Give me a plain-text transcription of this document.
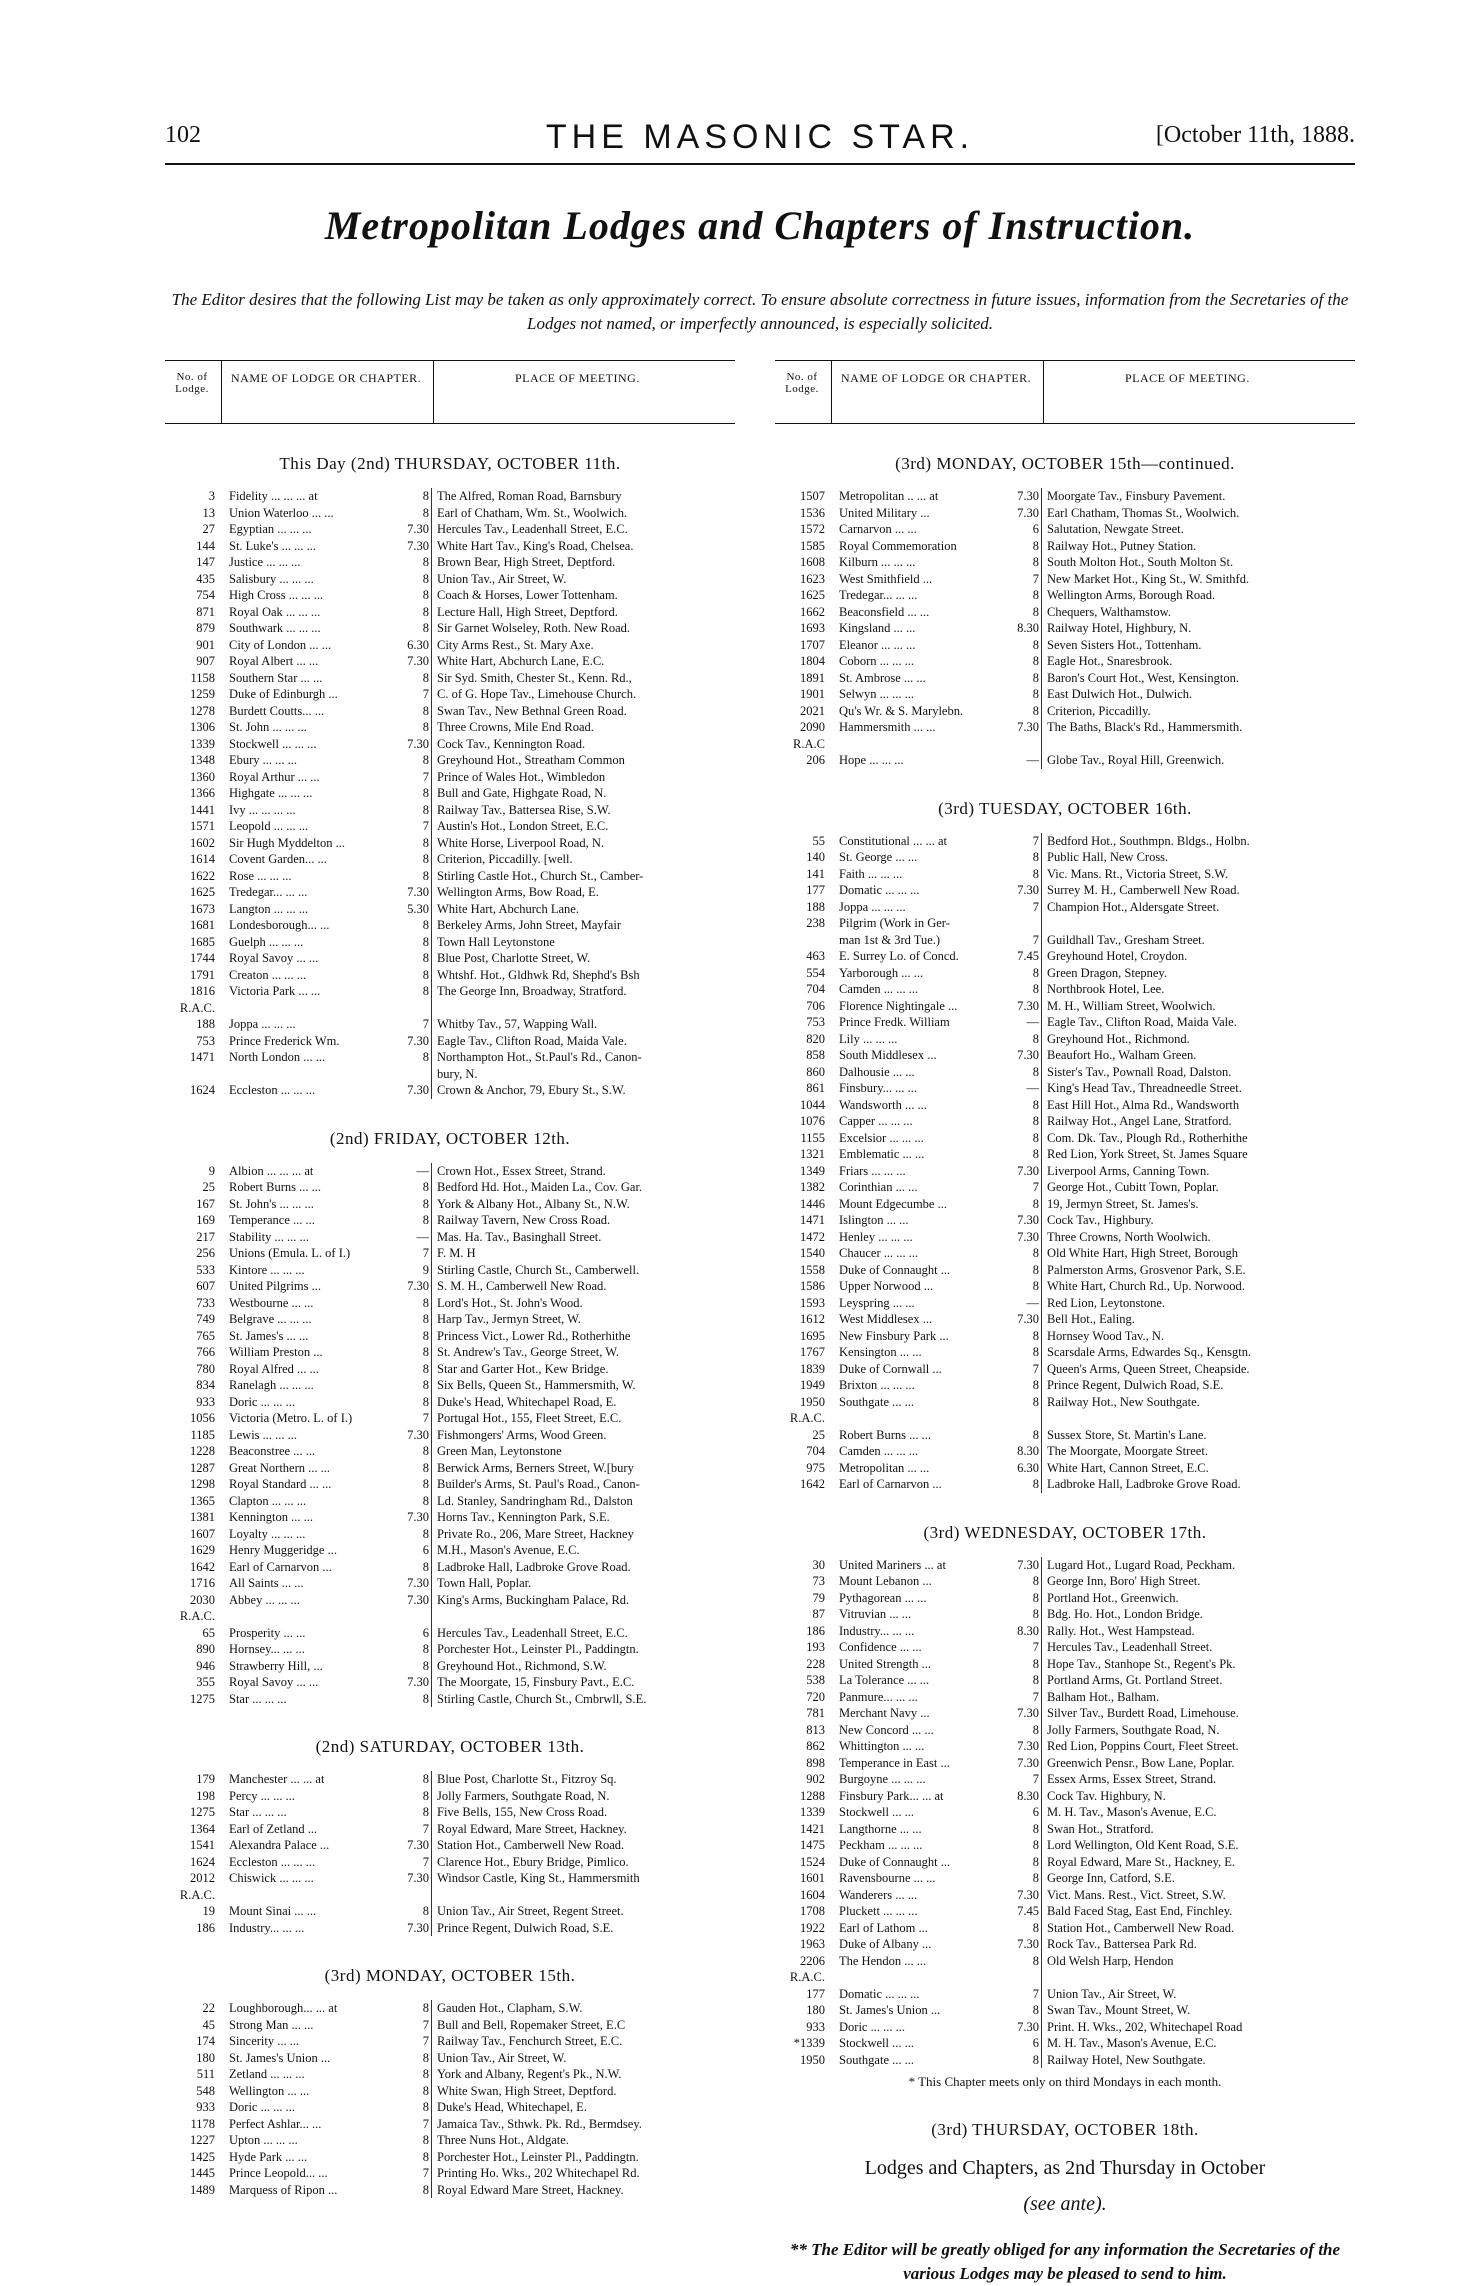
102	THE MASONIC STAR.	[October 11th, 1888.
Metropolitan Lodges and Chapters of Instruction.
The Editor desires that the following List may be taken as only approximately correct. To ensure absolute correctness in future issues, information from the Secretaries of the Lodges not named, or imperfectly announced, is especially solicited.
No. of Lodge.
NAME OF LODGE OR CHAPTER.	PLACE OF MEETING.
This Day (2nd) THURSDAY, OCTOBER 11th.
3 Fidelity ... ... ... at	8 The Alfred, Roman Road, Barnsbury
13 Union Waterloo ... ...	8 Earl of Chatham, Wm. St., Woolwich.
27 Egyptian ... ... ...	7.30 Hercules Tav., Leadenhall Street, E.C.
144 St. Luke's ... ... ...	7.30 White Hart Tav., King's Road, Chelsea.
147 Justice ... ... ...	8 Brown Bear, High Street, Deptford.
435 Salisbury ... ... ...	8 Union Tav., Air Street, W.
754 High Cross ... ... ...	8 Coach & Horses, Lower Tottenham.
871 Royal Oak ... ... ...	8 Lecture Hall, High Street, Deptford.
879 Southwark ... ... ...	8 Sir Garnet Wolseley, Roth. New Road.
901 City of London ... ...	6.30 City Arms Rest., St. Mary Axe.
907 Royal Albert ... ...	7.30 White Hart, Abchurch Lane, E.C.
1158 Southern Star ... ...	8 Sir Syd. Smith, Chester St., Kenn. Rd.,
1259 Duke of Edinburgh ...	7 C. of G. Hope Tav., Limehouse Church.
1278 Burdett Coutts... ...	8 Swan Tav., New Bethnal Green Road.
1306 St. John ... ... ...	8 Three Crowns, Mile End Road.
1339 Stockwell ... ... ...	7.30 Cock Tav., Kennington Road.
1348 Ebury ... ... ...	8 Greyhound Hot., Streatham Common
1360 Royal Arthur ... ...	7 Prince of Wales Hot., Wimbledon
1366 Highgate ... ... ...	8 Bull and Gate, Highgate Road, N.
1441 Ivy ... ... ... ...	8 Railway Tav., Battersea Rise, S.W.
1571 Leopold ... ... ...	7 Austin's Hot., London Street, E.C.
1602 Sir Hugh Myddelton ...	8 White Horse, Liverpool Road, N.
1614 Covent Garden... ...	8 Criterion, Piccadilly. [well.
1622 Rose ... ... ...	8 Stirling Castle Hot., Church St., Camber-
1625 Tredegar... ... ...	7.30 Wellington Arms, Bow Road, E.
1673 Langton ... ... ...	5.30 White Hart, Abchurch Lane.
1681 Londesborough... ...	8 Berkeley Arms, John Street, Mayfair
1685 Guelph ... ... ...	8 Town Hall Leytonstone
1744 Royal Savoy ... ...	8 Blue Post, Charlotte Street, W.
1791 Creaton ... ... ...	8 Whtshf. Hot., Gldhwk Rd, Shephd's Bsh
1816 Victoria Park ... ...	8 The George Inn, Broadway, Stratford.
R.A.C.
188 Joppa ... ... ...	7 Whitby Tav., 57, Wapping Wall.
753 Prince Frederick Wm.	7.30 Eagle Tav., Clifton Road, Maida Vale.
1471 North London ... ...	8 Northampton Hot., St.Paul's Rd., Canon-
bury, N.
1624 Eccleston ... ... ...	7.30 Crown & Anchor, 79, Ebury St., S.W.
(2nd) FRIDAY, OCTOBER 12th.
9 Albion ... ... ... at	— Crown Hot., Essex Street, Strand.
25 Robert Burns ... ...	8 Bedford Hd. Hot., Maiden La., Cov. Gar.
167 St. John's ... ... ...	8 York & Albany Hot., Albany St., N.W.
169 Temperance ... ...	8 Railway Tavern, New Cross Road.
217 Stability ... ... ...	— Mas. Ha. Tav., Basinghall Street.
256 Unions (Emula. L. of I.)	7 F. M. H
533 Kintore ... ... ...	9 Stirling Castle, Church St., Camberwell.
607 United Pilgrims ...	7.30 S. M. H., Camberwell New Road.
733 Westbourne ... ...	8 Lord's Hot., St. John's Wood.
749 Belgrave ... ... ...	8 Harp Tav., Jermyn Street, W.
765 St. James's ... ...	8 Princess Vict., Lower Rd., Rotherhithe
766 William Preston ...	8 St. Andrew's Tav., George Street, W.
780 Royal Alfred ... ...	8 Star and Garter Hot., Kew Bridge.
834 Ranelagh ... ... ...	8 Six Bells, Queen St., Hammersmith, W.
933 Doric ... ... ...	8 Duke's Head, Whitechapel Road, E.
1056 Victoria (Metro. L. of I.)	7 Portugal Hot., 155, Fleet Street, E.C.
1185 Lewis ... ... ...	7.30 Fishmongers' Arms, Wood Green.
1228 Beaconstree ... ...	8 Green Man, Leytonstone
1287 Great Northern ... ...	8 Berwick Arms, Berners Street, W.[bury
1298 Royal Standard ... ...	8 Builder's Arms, St. Paul's Road., Canon-
1365 Clapton ... ... ...	8 Ld. Stanley, Sandringham Rd., Dalston
1381 Kennington ... ...	7.30 Horns Tav., Kennington Park, S.E.
1607 Loyalty ... ... ...	8 Private Ro., 206, Mare Street, Hackney
1629 Henry Muggeridge ...	6 M.H., Mason's Avenue, E.C.
1642 Earl of Carnarvon ...	8 Ladbroke Hall, Ladbroke Grove Road.
1716 All Saints ... ...	7.30 Town Hall, Poplar.
2030 Abbey ... ... ...	7.30 King's Arms, Buckingham Palace, Rd.
R.A.C.
65 Prosperity ... ...	6 Hercules Tav., Leadenhall Street, E.C.
890 Hornsey... ... ...	8 Porchester Hot., Leinster Pl., Paddingtn.
946 Strawberry Hill, ...	8 Greyhound Hot., Richmond, S.W.
355 Royal Savoy ... ...	7.30 The Moorgate, 15, Finsbury Pavt., E.C.
1275 Star ... ... ...	8 Stirling Castle, Church St., Cmbrwll, S.E.
(2nd) SATURDAY, OCTOBER 13th.
179 Manchester ... ... at	8 Blue Post, Charlotte St., Fitzroy Sq.
198 Percy ... ... ...	8 Jolly Farmers, Southgate Road, N.
1275 Star ... ... ...	8 Five Bells, 155, New Cross Road.
1364 Earl of Zetland ...	7 Royal Edward, Mare Street, Hackney.
1541 Alexandra Palace ...	7.30 Station Hot., Camberwell New Road.
1624 Eccleston ... ... ...	7 Clarence Hot., Ebury Bridge, Pimlico.
2012 Chiswick ... ... ...	7.30 Windsor Castle, King St., Hammersmith
R.A.C.
19 Mount Sinai ... ...	8 Union Tav., Air Street, Regent Street.
186 Industry... ... ...	7.30 Prince Regent, Dulwich Road, S.E.
(3rd) MONDAY, OCTOBER 15th.
22 Loughborough... ... at	8 Gauden Hot., Clapham, S.W.
45 Strong Man ... ...	7 Bull and Bell, Ropemaker Street, E.C
174 Sincerity ... ...	7 Railway Tav., Fenchurch Street, E.C.
180 St. James's Union ...	8 Union Tav., Air Street, W.
511 Zetland ... ... ...	8 York and Albany, Regent's Pk., N.W.
548 Wellington ... ...	8 White Swan, High Street, Deptford.
933 Doric ... ... ...	8 Duke's Head, Whitechapel, E.
1178 Perfect Ashlar... ...	7 Jamaica Tav., Sthwk. Pk. Rd., Bermdsey.
1227 Upton ... ... ...	8 Three Nuns Hot., Aldgate.
1425 Hyde Park ... ...	8 Porchester Hot., Leinster Pl., Paddingtn.
1445 Prince Leopold... ...	7 Printing Ho. Wks., 202 Whitechapel Rd.
1489 Marquess of Ripon ...	8 Royal Edward Mare Street, Hackney.
No. of Lodge.
NAME OF LODGE OR CHAPTER.	PLACE OF MEETING.
(3rd) MONDAY, OCTOBER 15th—continued.
1507 Metropolitan .. ... at	7.30 Moorgate Tav., Finsbury Pavement.
1536 United Military ...	7.30 Earl Chatham, Thomas St., Woolwich.
1572 Carnarvon ... ...	6 Salutation, Newgate Street.
1585 Royal Commemoration	8 Railway Hot., Putney Station.
1608 Kilburn ... ... ...	8 South Molton Hot., South Molton St.
1623 West Smithfield ...	7 New Market Hot., King St., W. Smithfd.
1625 Tredegar... ... ...	8 Wellington Arms, Borough Road.
1662 Beaconsfield ... ...	8 Chequers, Walthamstow.
1693 Kingsland ... ...	8.30 Railway Hotel, Highbury, N.
1707 Eleanor ... ... ...	8 Seven Sisters Hot., Tottenham.
1804 Coborn ... ... ...	8 Eagle Hot., Snaresbrook.
1891 St. Ambrose ... ...	8 Baron's Court Hot., West, Kensington.
1901 Selwyn ... ... ...	8 East Dulwich Hot., Dulwich.
2021 Qu's Wr. & S. Marylebn.	8 Criterion, Piccadilly.
2090 Hammersmith ... ...	7.30 The Baths, Black's Rd., Hammersmith.
R.A.C
206 Hope ... ... ...	— Globe Tav., Royal Hill, Greenwich.
(3rd) TUESDAY, OCTOBER 16th.
55 Constitutional ... ... at	7 Bedford Hot., Southmpn. Bldgs., Holbn.
140 St. George ... ...	8 Public Hall, New Cross.
141 Faith ... ... ...	8 Vic. Mans. Rt., Victoria Street, S.W.
177 Domatic ... ... ...	7.30 Surrey M. H., Camberwell New Road.
188 Joppa ... ... ...	7 Champion Hot., Aldersgate Street.
238 Pilgrim (Work in Ger-
man 1st & 3rd Tue.)	7 Guildhall Tav., Gresham Street.
463 E. Surrey Lo. of Concd.	7.45 Greyhound Hotel, Croydon.
554 Yarborough ... ...	8 Green Dragon, Stepney.
704 Camden ... ... ...	8 Northbrook Hotel, Lee.
706 Florence Nightingale ...	7.30 M. H., William Street, Woolwich.
753 Prince Fredk. William	— Eagle Tav., Clifton Road, Maida Vale.
820 Lily ... ... ...	8 Greyhound Hot., Richmond.
858 South Middlesex ...	7.30 Beaufort Ho., Walham Green.
860 Dalhousie ... ...	8 Sister's Tav., Pownall Road, Dalston.
861 Finsbury... ... ...	— King's Head Tav., Threadneedle Street.
1044 Wandsworth ... ...	8 East Hill Hot., Alma Rd., Wandsworth
1076 Capper ... ... ...	8 Railway Hot., Angel Lane, Stratford.
1155 Excelsior ... ... ...	8 Com. Dk. Tav., Plough Rd., Rotherhithe
1321 Emblematic ... ...	8 Red Lion, York Street, St. James Square
1349 Friars ... ... ...	7.30 Liverpool Arms, Canning Town.
1382 Corinthian ... ...	7 George Hot., Cubitt Town, Poplar.
1446 Mount Edgecumbe ...	8 19, Jermyn Street, St. James's.
1471 Islington ... ...	7.30 Cock Tav., Highbury.
1472 Henley ... ... ...	7.30 Three Crowns, North Woolwich.
1540 Chaucer ... ... ...	8 Old White Hart, High Street, Borough
1558 Duke of Connaught ...	8 Palmerston Arms, Grosvenor Park, S.E.
1586 Upper Norwood ...	8 White Hart, Church Rd., Up. Norwood.
1593 Leyspring ... ...	— Red Lion, Leytonstone.
1612 West Middlesex ...	7.30 Bell Hot., Ealing.
1695 New Finsbury Park ...	8 Hornsey Wood Tav., N.
1767 Kensington ... ...	8 Scarsdale Arms, Edwardes Sq., Kensgtn.
1839 Duke of Cornwall ...	7 Queen's Arms, Queen Street, Cheapside.
1949 Brixton ... ... ...	8 Prince Regent, Dulwich Road, S.E.
1950 Southgate ... ...	8 Railway Hot., New Southgate.
R.A.C.
25 Robert Burns ... ...	8 Sussex Store, St. Martin's Lane.
704 Camden ... ... ...	8.30 The Moorgate, Moorgate Street.
975 Metropolitan ... ...	6.30 White Hart, Cannon Street, E.C.
1642 Earl of Carnarvon ...	8 Ladbroke Hall, Ladbroke Grove Road.
(3rd) WEDNESDAY, OCTOBER 17th.
30 United Mariners ... at	7.30 Lugard Hot., Lugard Road, Peckham.
73 Mount Lebanon ...	8 George Inn, Boro' High Street.
79 Pythagorean ... ...	8 Portland Hot., Greenwich.
87 Vitruvian ... ...	8 Bdg. Ho. Hot., London Bridge.
186 Industry... ... ...	8.30 Rally. Hot., West Hampstead.
193 Confidence ... ...	7 Hercules Tav., Leadenhall Street.
228 United Strength ...	8 Hope Tav., Stanhope St., Regent's Pk.
538 La Tolerance ... ...	8 Portland Arms, Gt. Portland Street.
720 Panmure... ... ...	7 Balham Hot., Balham.
781 Merchant Navy ...	7.30 Silver Tav., Burdett Road, Limehouse.
813 New Concord ... ...	8 Jolly Farmers, Southgate Road, N.
862 Whittington ... ...	7.30 Red Lion, Poppins Court, Fleet Street.
898 Temperance in East ...	7.30 Greenwich Pensr., Bow Lane, Poplar.
902 Burgoyne ... ... ...	7 Essex Arms, Essex Street, Strand.
1288 Finsbury Park... ... at	8.30 Cock Tav. Highbury, N.
1339 Stockwell ... ...	6 M. H. Tav., Mason's Avenue, E.C.
1421 Langthorne ... ...	8 Swan Hot., Stratford.
1475 Peckham ... ... ...	8 Lord Wellington, Old Kent Road, S.E.
1524 Duke of Connaught ...	8 Royal Edward, Mare St., Hackney, E.
1601 Ravensbourne ... ...	8 George Inn, Catford, S.E.
1604 Wanderers ... ...	7.30 Vict. Mans. Rest., Vict. Street, S.W.
1708 Pluckett ... ... ...	7.45 Bald Faced Stag, East End, Finchley.
1922 Earl of Lathom ...	8 Station Hot., Camberwell New Road.
1963 Duke of Albany ...	7.30 Rock Tav., Battersea Park Rd.
2206 The Hendon ... ...	8 Old Welsh Harp, Hendon
R.A.C.
177 Domatic ... ... ...	7 Union Tav., Air Street, W.
180 St. James's Union ...	8 Swan Tav., Mount Street, W.
933 Doric ... ... ...	7.30 Print. H. Wks., 202, Whitechapel Road
*1339 Stockwell ... ...	6 M. H. Tav., Mason's Avenue, E.C.
1950 Southgate ... ...	8 Railway Hotel, New Southgate.
* This Chapter meets only on third Mondays in each month.
(3rd) THURSDAY, OCTOBER 18th.
Lodges and Chapters, as 2nd Thursday in October
(see ante).
** The Editor will be greatly obliged for any information the Secretaries of the various Lodges may be pleased to send to him.
